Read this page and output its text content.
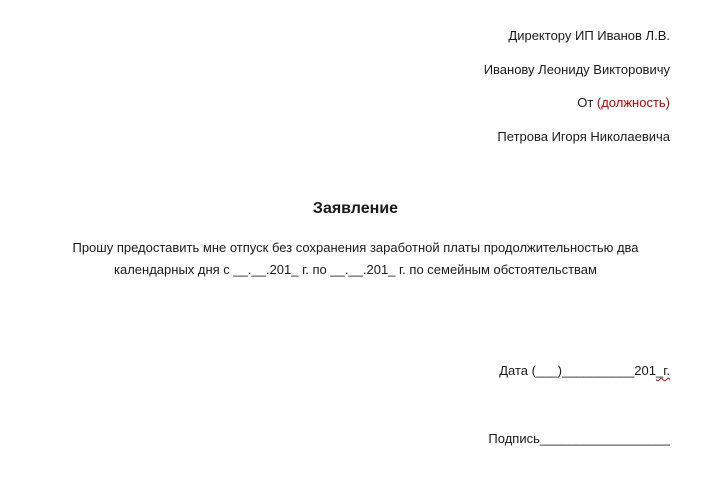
Директору ИП Иванов Л.В.
Иванову Леониду Викторовичу
От (должность)
Петрова Игоря Николаевича
Заявление
Прошу предоставить мне отпуск без сохранения заработной платы продолжительностью два
календарных дня с __.__.201_ г. по __.__.201_ г. по семейным обстоятельствам
Дата (___)__________201_г.
Подпись__________________
